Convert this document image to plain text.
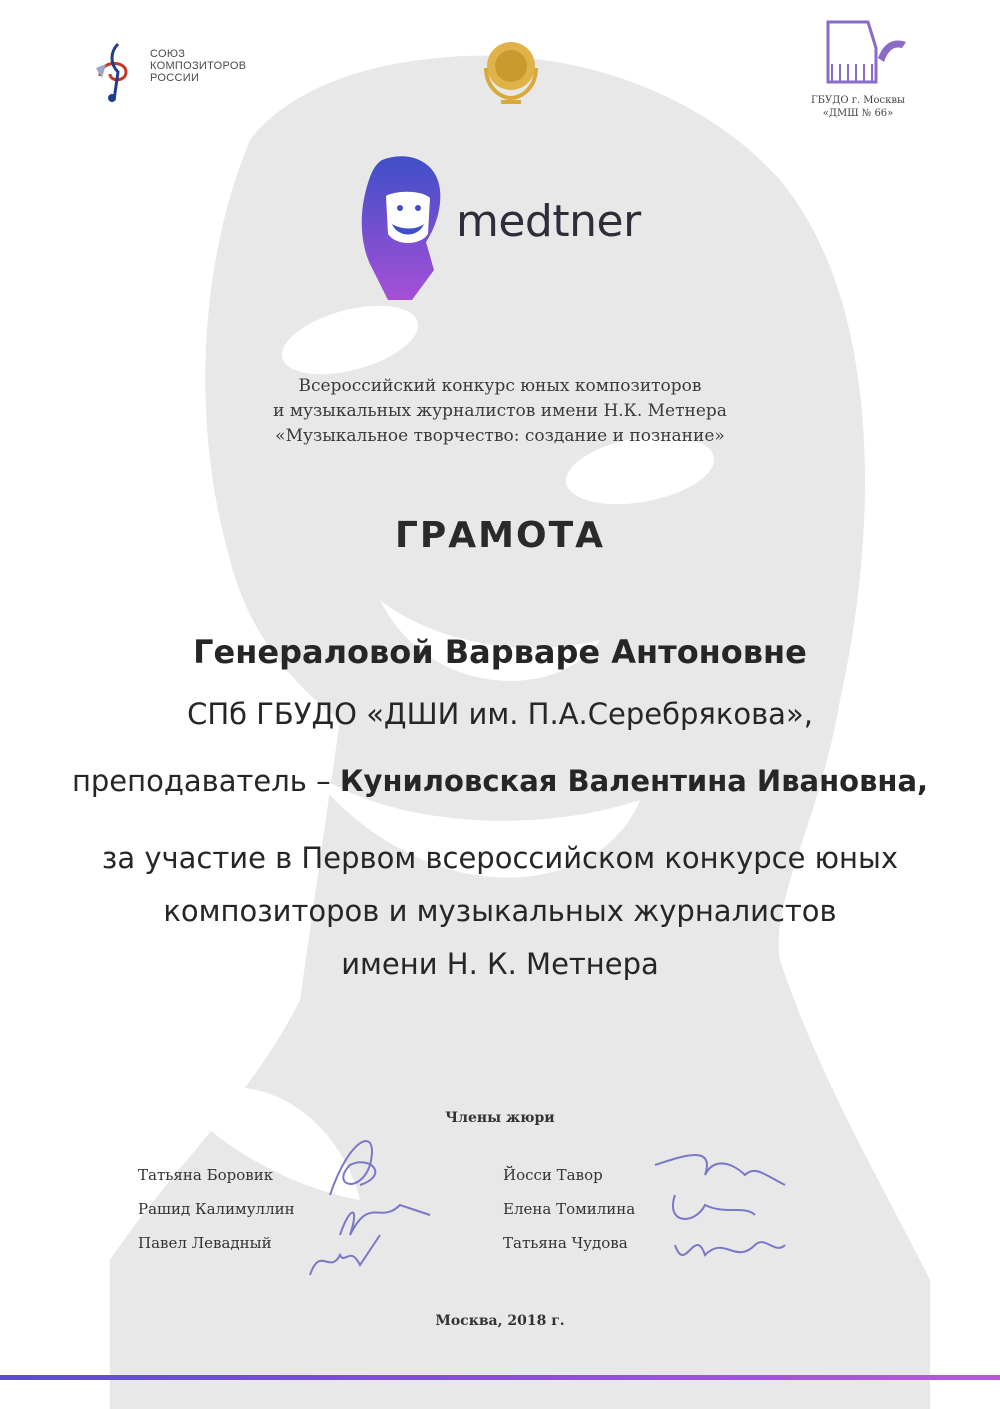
СОЮЗ
КОМПОЗИТОРОВ
РОССИИ
ГБУДО г. Москвы
«ДМШ № 66»
medtner
Всероссийский конкурс юных композиторов
и музыкальных журналистов имени Н.К. Метнера
«Музыкальное творчество: создание и познание»
ГРАМОТА
Генераловой Варваре Антоновне
СПб ГБУДО «ДШИ им. П.А.Серебрякова»,
преподаватель – Куниловская Валентина Ивановна,
за участие в Первом всероссийском конкурсе юных
композиторов и музыкальных журналистов
имени Н. К. Метнера
Члены жюри
Татьяна Боровик
Рашид Калимуллин
Павел Левадный
Йосси Тавор
Елена Томилина
Татьяна Чудова
Москва, 2018 г.
